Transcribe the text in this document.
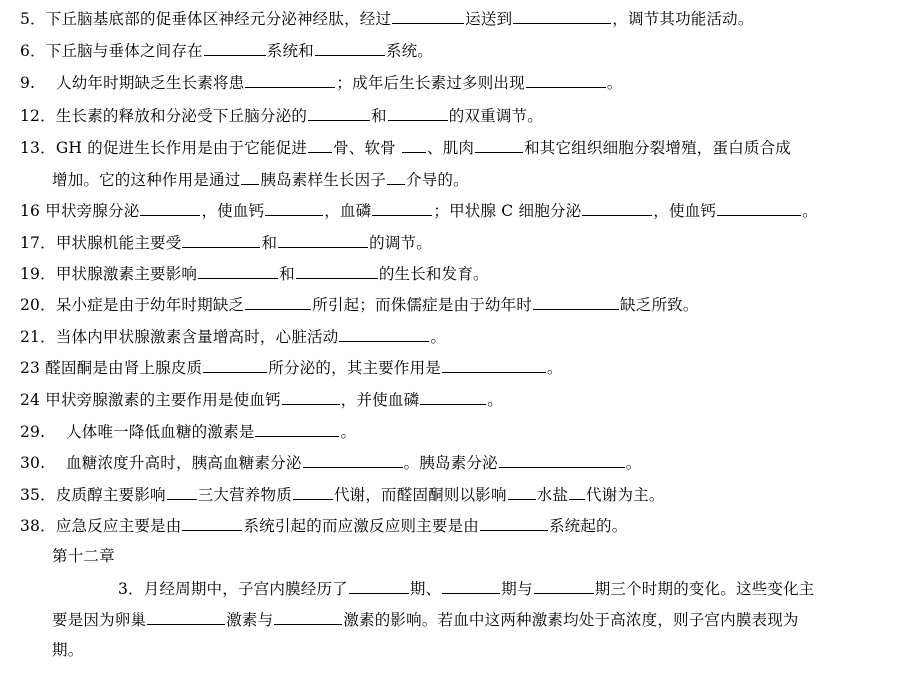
5．下丘脑基底部的促垂体区神经元分泌神经肽，经过	运送到	，调节其功能活动。
6．下丘脑与垂体之间存在	系统和	系统。
9.　 人幼年时期缺乏生长素将患	；成年后生长素过多则出现	。
12．生长素的释放和分泌受下丘脑分泌的	和	的双重调节。
13．GH 的促进生长作用是由于它能促进 骨、软骨 、肌肉	和其它组织细胞分裂增殖，蛋白质合成
增加。它的这种作用是通过 胰岛素样生长因子 介导的。
16 甲状旁腺分泌	，使血钙	，血磷	；甲状腺 C 细胞分泌	，使血钙	。
17．甲状腺机能主要受	和	的调节。
19．甲状腺激素主要影响	和	的生长和发育。
20．呆小症是由于幼年时期缺乏	所引起；而侏儒症是由于幼年时	缺乏所致。
21．当体内甲状腺激素含量增高时，心脏活动	。
23 醛固酮是由肾上腺皮质	所分泌的，其主要作用是	。
24 甲状旁腺激素的主要作用是使血钙	，并使血磷	。
29.　 人体唯一降低血糖的激素是	。
30.　 血糖浓度升高时，胰高血糖素分泌	。胰岛素分泌	。
35．皮质醇主要影响 三大营养物质	代谢，而醛固酮则以影响 水盐 代谢为主。
38．应急反应主要是由	系统引起的而应激反应则主要是由	系统起的。
第十二章
3．月经周期中，子宫内膜经历了	期、	期与	期三个时期的变化。这些变化主
要是因为卵巢	激素与	激素的影响。若血中这两种激素均处于高浓度，则子宫内膜表现为
期。
